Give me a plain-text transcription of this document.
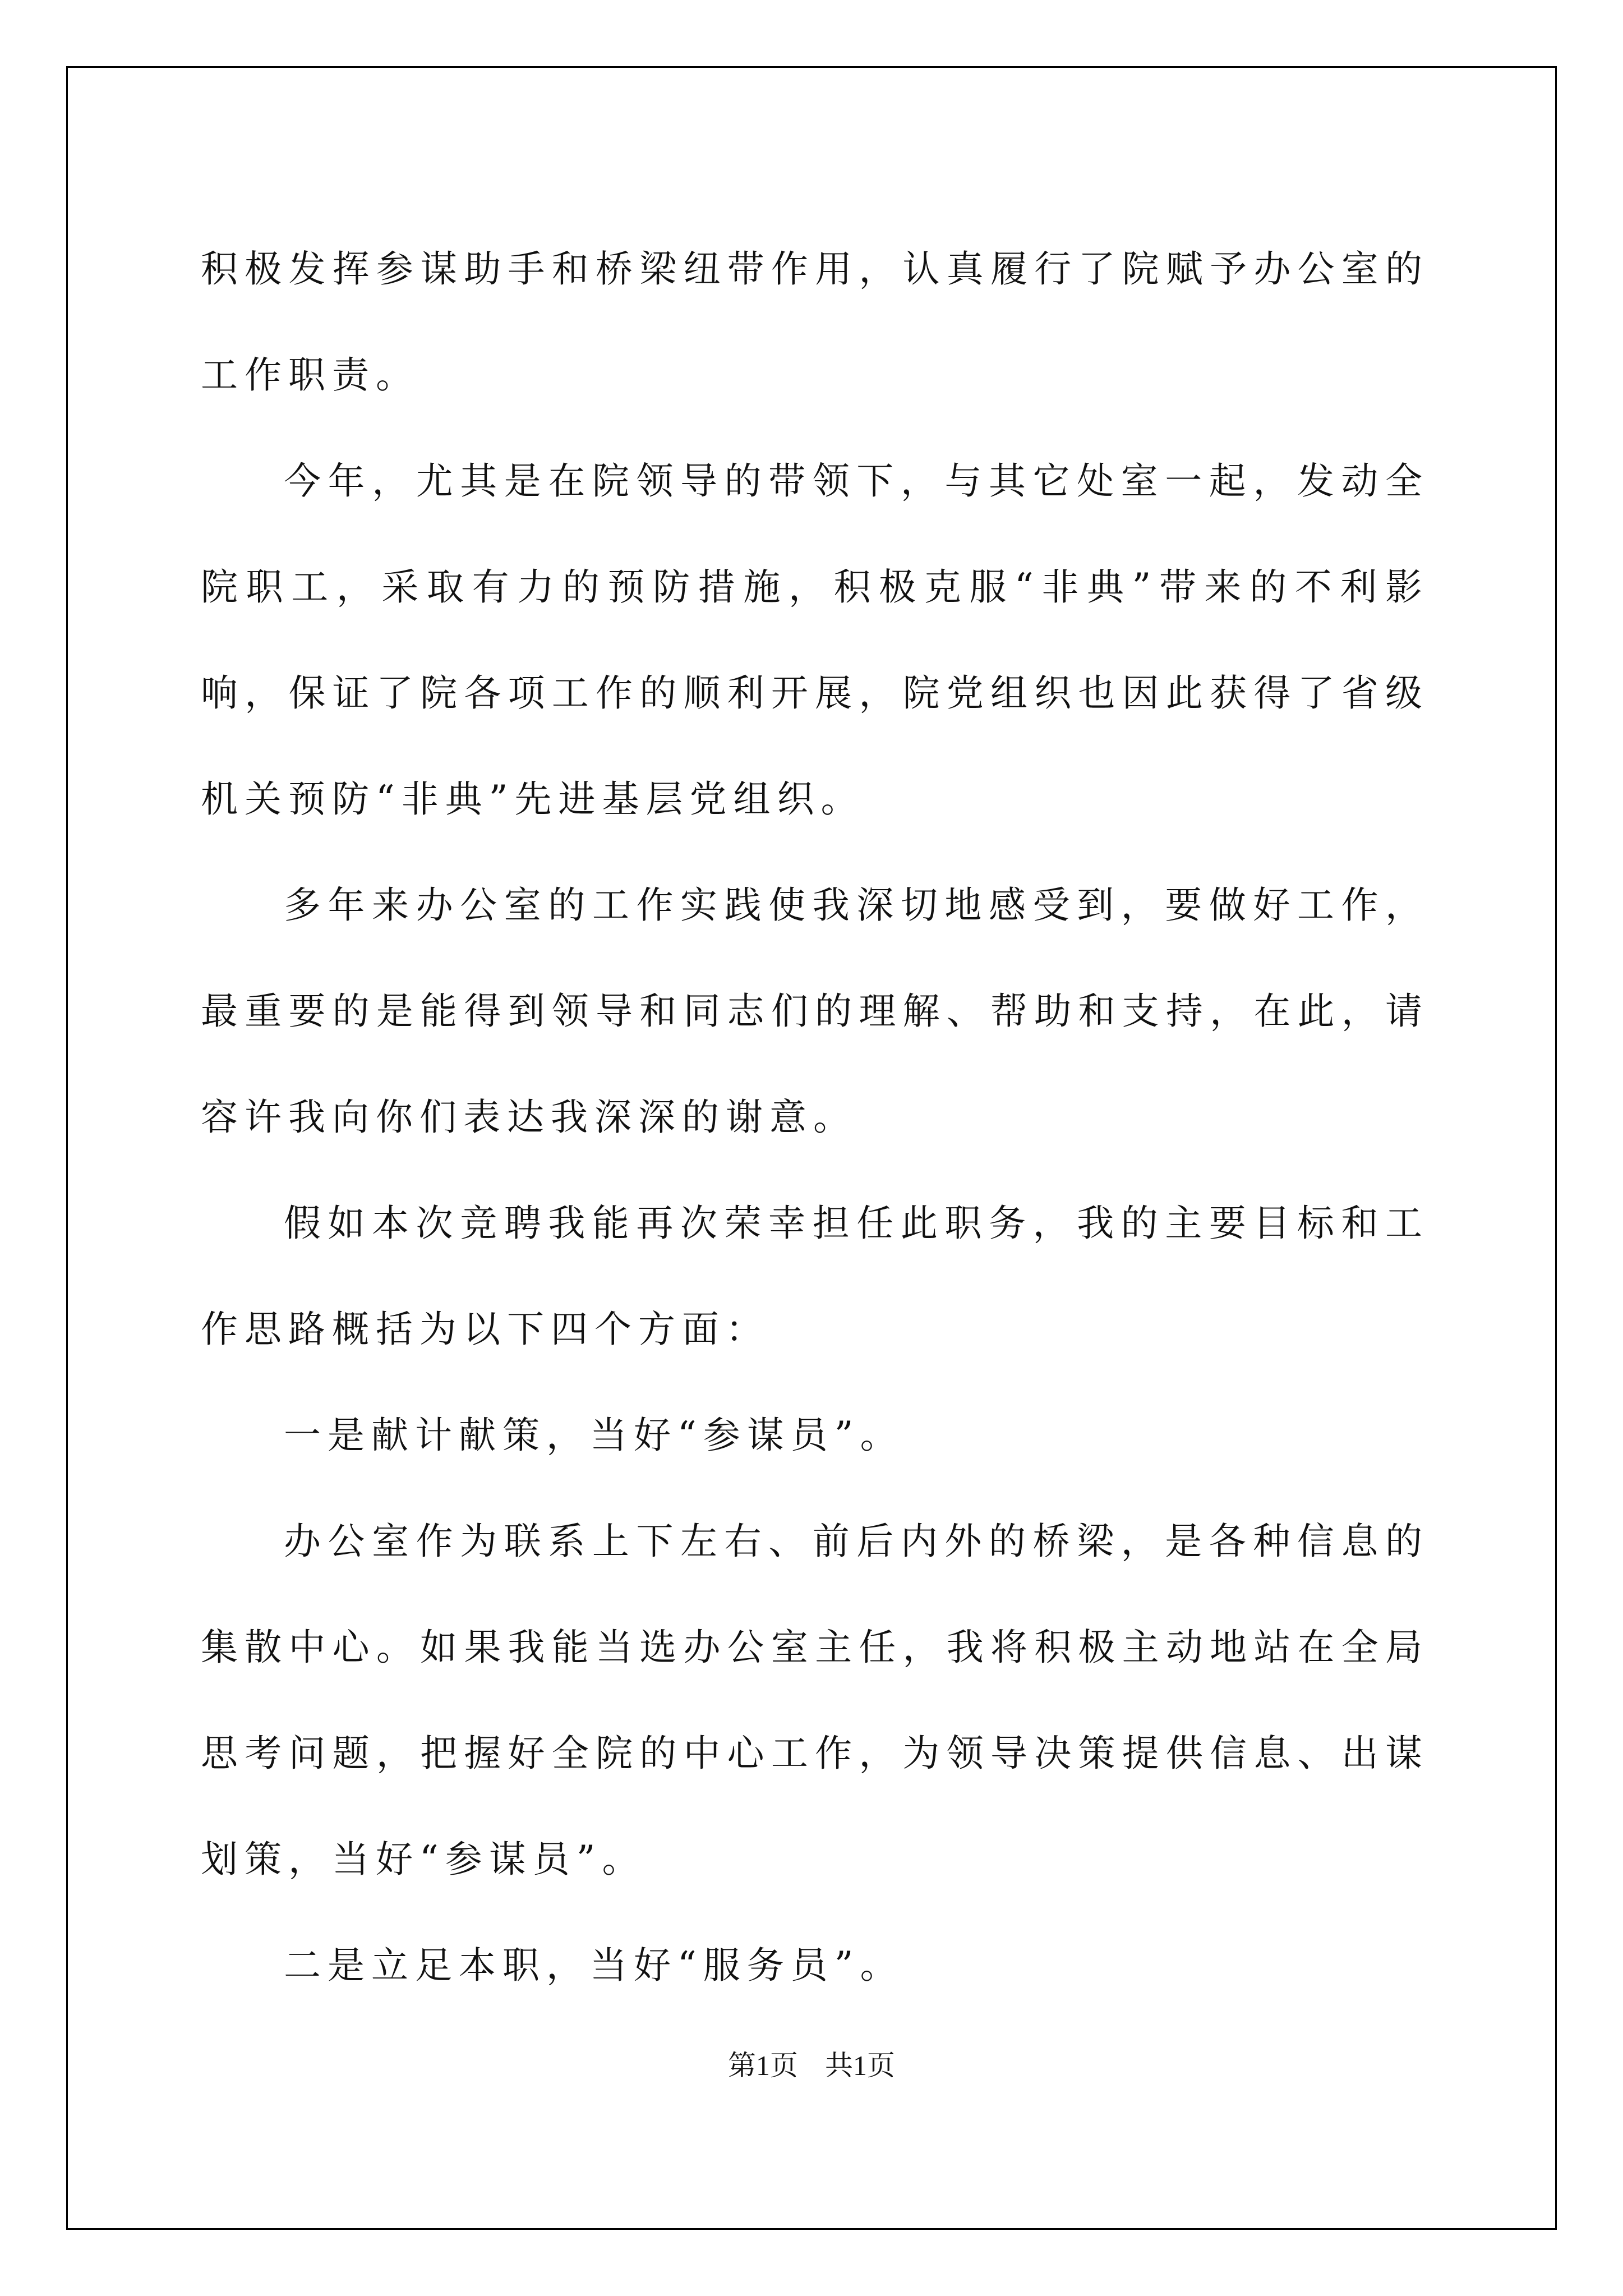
积极发挥参谋助手和桥梁纽带作用，认真履行了院赋予办公室的工作职责。

今年，尤其是在院领导的带领下，与其它处室一起，发动全院职工，采取有力的预防措施，积极克服“非典”带来的不利影响，保证了院各项工作的顺利开展，院党组织也因此获得了省级机关预防“非典”先进基层党组织。

多年来办公室的工作实践使我深切地感受到，要做好工作，最重要的是能得到领导和同志们的理解、帮助和支持，在此，请容许我向你们表达我深深的谢意。

假如本次竞聘我能再次荣幸担任此职务，我的主要目标和工作思路概括为以下四个方面：

一是献计献策，当好“参谋员”。

办公室作为联系上下左右、前后内外的桥梁，是各种信息的集散中心。如果我能当选办公室主任，我将积极主动地站在全局思考问题，把握好全院的中心工作，为领导决策提供信息、出谋划策，当好“参谋员”。

二是立足本职，当好“服务员”。

第1页 共1页
